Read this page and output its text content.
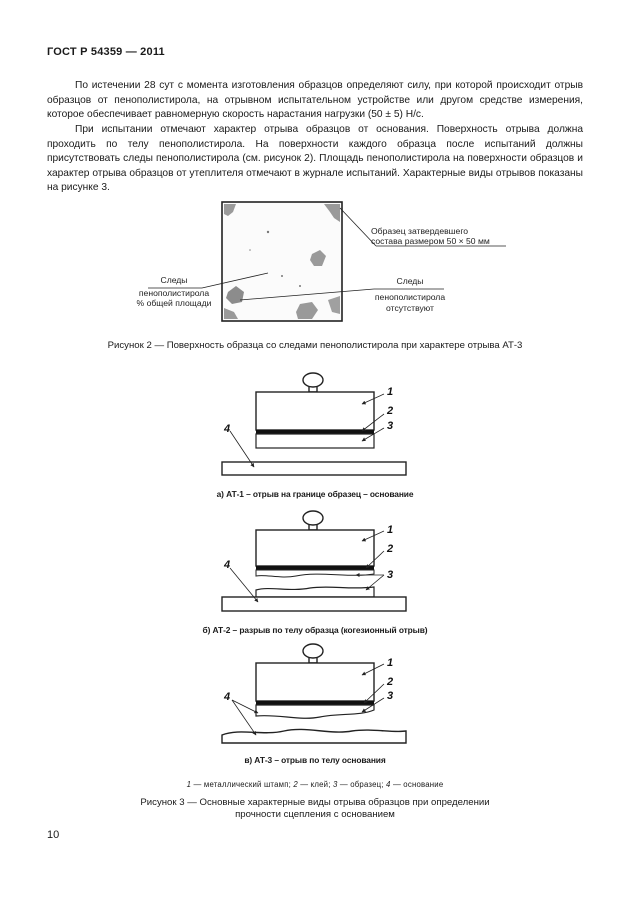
ГОСТ Р 54359 — 2011

По истечении 28 сут с момента изготовления образцов определяют силу, при которой происходит отрыв образцов от пенополистирола, на отрывном испытательном устройстве или другом средстве измерения, которое обеспечивает равномерную скорость нарастания нагрузки (50 ± 5) Н/с.

При испытании отмечают характер отрыва образцов от основания. Поверхность отрыва должна проходить по телу пенополистирола. На поверхности каждого образца после испытаний должны присутствовать следы пенополистирола (см. рисунок 2). Площадь пенополистирола на поверхности образцов и характер отрыва образцов от утеплителя отмечают в журнале испытаний. Характерные виды отрывов показаны на рисунке 3.

Образец затвердевшего
состава размером 50 × 50 мм
Следы
пенополистирола
% общей площади
Следы
пенополистирола
отсутствуют
1
2
3
4
1
2
3
4
1
2
3
4

Рисунок 2 — Поверхность образца со следами пенополистирола при характере отрыва АТ-3

а) АТ-1 – отрыв на границе образец – основание

б) АТ-2 – разрыв по телу образца (когезионный отрыв)

в) АТ-3 – отрыв по телу основания

1 — металлический штамп; 2 — клей; 3 — образец; 4 — основание

Рисунок 3 — Основные характерные виды отрыва образцов при определении

прочности сцепления с основанием

10
